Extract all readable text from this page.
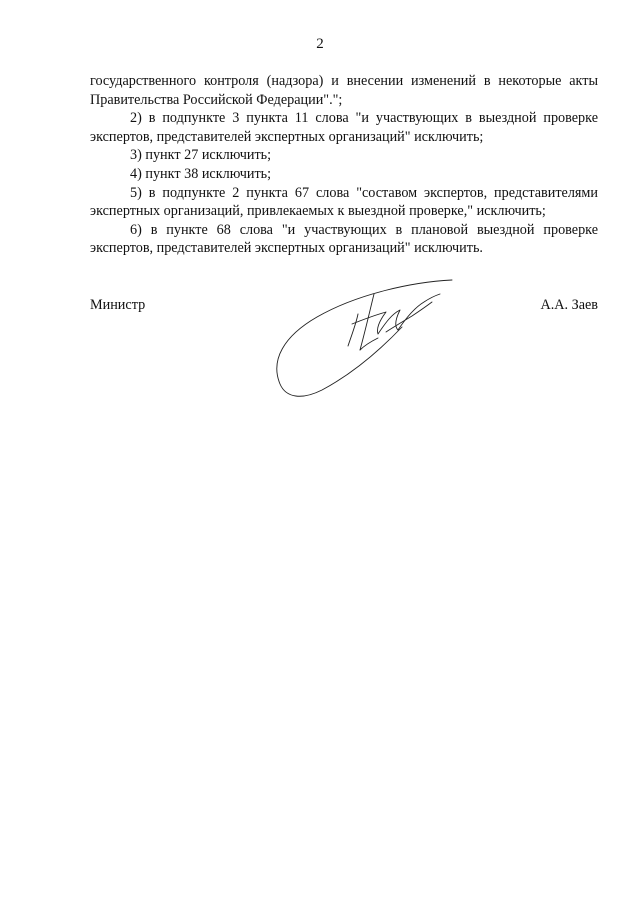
2

государственного контроля (надзора) и внесении изменений в некоторые акты Правительства Российской Федерации".";

2) в подпункте 3 пункта 11 слова "и участвующих в выездной проверке экспертов, представителей экспертных организаций" исключить;

3) пункт 27 исключить;

4) пункт 38 исключить;

5) в подпункте 2 пункта 67 слова "составом экспертов, представителями экспертных организаций, привлекаемых к выездной проверке," исключить;

6) в пункте 68 слова "и участвующих в плановой выездной проверке экспертов, представителей экспертных организаций" исключить.

Министр	А.А. Заев
